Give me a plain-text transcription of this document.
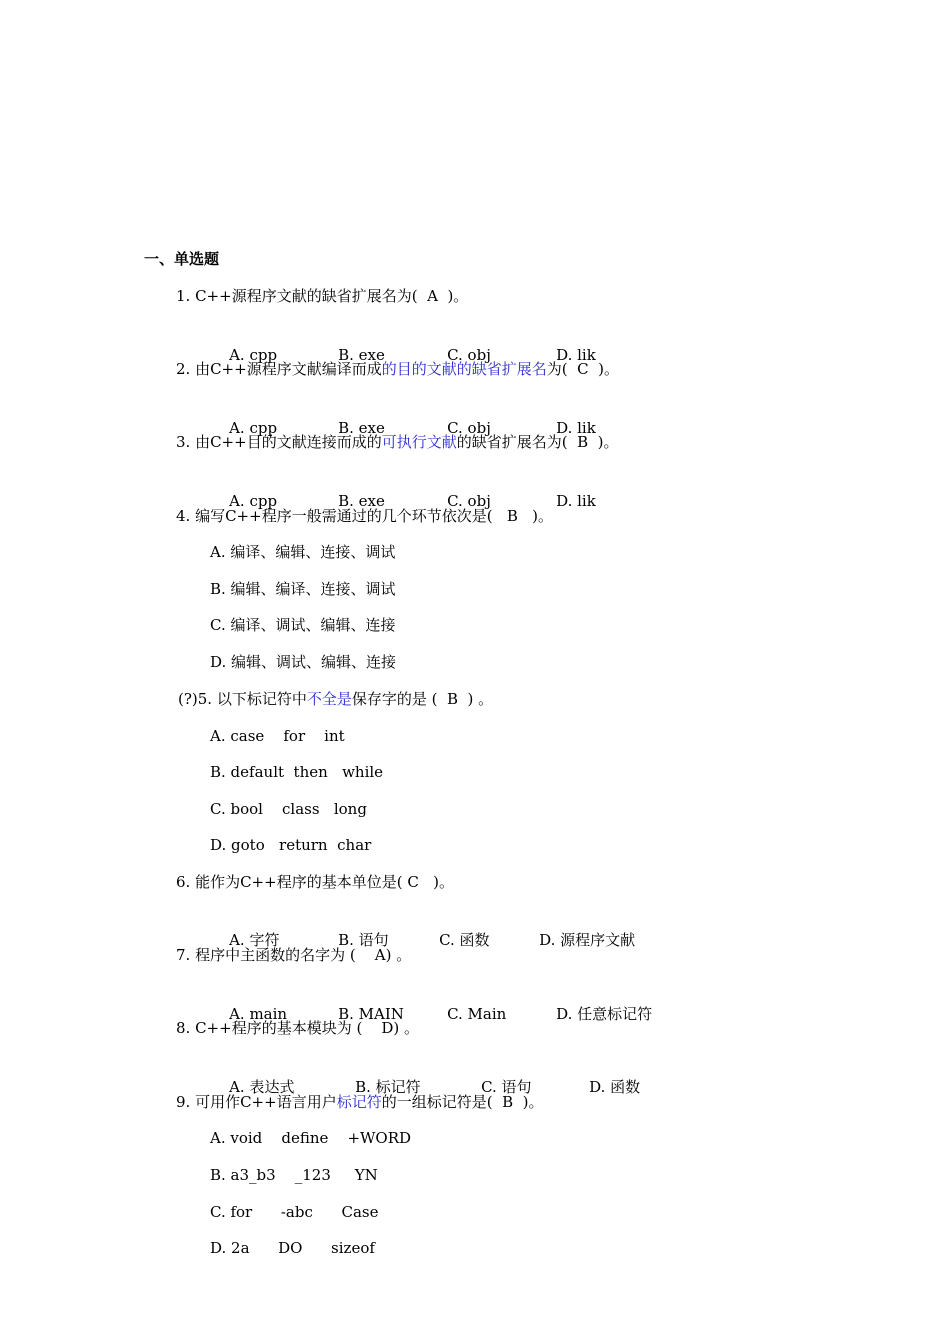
一、单选题
1. C++源程序文献的缺省扩展名为(  A  )。

A. cpp	B. exe	C. obj	D. lik

2. 由C++源程序文献编译而成的目的文献的缺省扩展名为(  C  )。

A. cpp	B. exe	C. obj	D. lik

3. 由C++目的文献连接而成的可执行文献的缺省扩展名为(  B  )。

A. cpp	B. exe	C. obj	D. lik

4. 编写C++程序一般需通过的几个环节依次是(   B   )。
A. 编译、编辑、连接、调试
B. 编辑、编译、连接、调试
C. 编译、调试、编辑、连接
D. 编辑、调试、编辑、连接
(?)5. 以下标记符中不全是保存字的是 (  B  ) 。
A. case    for    int
B. default  then   while
C. bool    class   long
D. goto   return  char
6. 能作为C++程序的基本单位是( C   )。

A. 字符	B. 语句	C. 函数	D. 源程序文献

7. 程序中主函数的名字为 (    A) 。

A. main	B. MAIN	C. Main	D. 任意标记符

8. C++程序的基本模块为 (    D) 。

A. 表达式	B. 标记符	C. 语句	D. 函数

9. 可用作C++语言用户标记符的一组标记符是(  B  )。
A. void    define    +WORD
B. a3_b3    _123     YN
C. for      -abc      Case
D. 2a      DO      sizeof
